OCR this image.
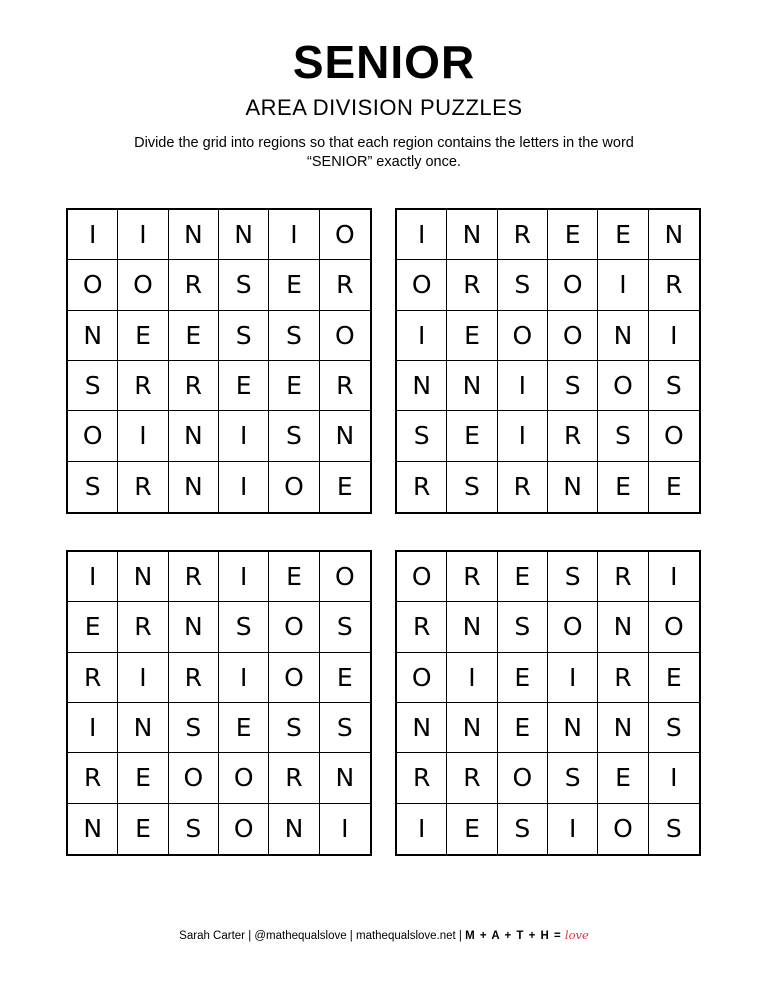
SENIOR
AREA DIVISION PUZZLES
Divide the grid into regions so that each region contains the letters in the word “SENIOR” exactly once.
I	I	N	N	I	O
O	O	R	S	E	R
N	E	E	S	S	O
S	R	R	E	E	R
O	I	N	I	S	N
S	R	N	I	O	E
I	N	R	E	E	N
O	R	S	O	I	R
I	E	O	O	N	I
N	N	I	S	O	S
S	E	I	R	S	O
R	S	R	N	E	E
I	N	R	I	E	O
E	R	N	S	O	S
R	I	R	I	O	E
I	N	S	E	S	S
R	E	O	O	R	N
N	E	S	O	N	I
O	R	E	S	R	I
R	N	S	O	N	O
O	I	E	I	R	E
N	N	E	N	N	S
R	R	O	S	E	I
I	E	S	I	O	S
Sarah Carter | @mathequalslove | mathequalslove.net | M + A + T + H = love
